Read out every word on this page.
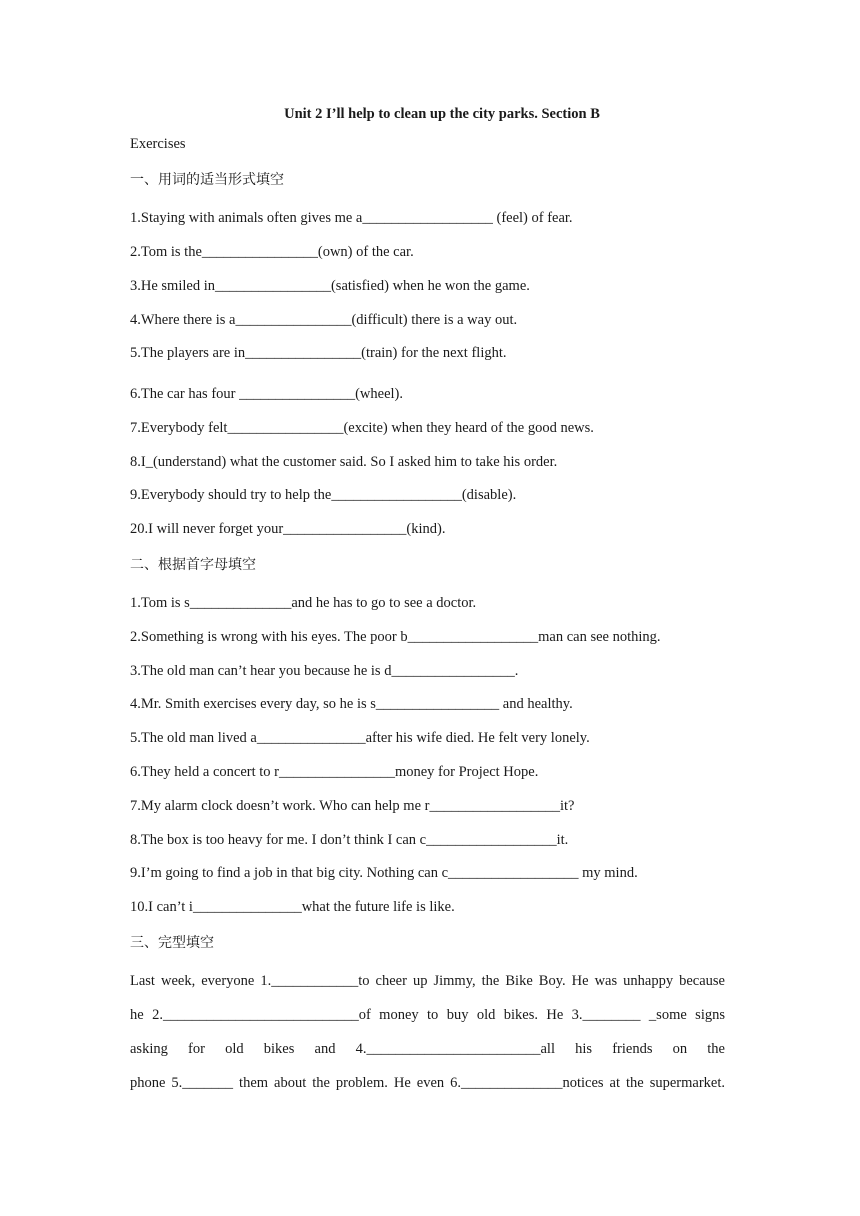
Unit 2 I’ll help to clean up the city parks. Section B
Exercises
一、用词的适当形式填空
1.Staying with animals often gives me a__________________ (feel) of fear.
2.Tom is the________________(own) of the car.
3.He smiled in________________(satisfied) when he won the game.
4.Where there is a________________(difficult) there is a way out.
5.The players are in________________(train) for the next flight.
6.The car has four ________________(wheel).
7.Everybody felt________________(excite) when they heard of the good news.
8.I_(understand) what the customer said. So I asked him to take his order.
9.Everybody should try to help the__________________(disable).
20.I will never forget your_________________(kind).
二、根据首字母填空
1.Tom is s______________and he has to go to see a doctor.
2.Something is wrong with his eyes. The poor b__________________man can see nothing.
3.The old man can’t hear you because he is d_________________.
4.Mr. Smith exercises every day, so he is s_________________ and healthy.
5.The old man lived a_______________after his wife died. He felt very lonely.
6.They held a concert to r________________money for Project Hope.
7.My alarm clock doesn’t work. Who can help me r__________________it?
8.The box is too heavy for me. I don’t think I can c__________________it.
9.I’m going to find a job in that big city. Nothing can c__________________ my mind.
10.I can’t i_______________what the future life is like.
三、完型填空
Last week, everyone 1.____________to cheer up Jimmy, the Bike Boy. He was unhappy because
he 2.___________________________of money to buy old bikes. He 3.________ _some signs
asking for old bikes and 4.________________________all his friends on the
phone 5._______ them about the problem. He even 6.______________notices at the supermarket.
